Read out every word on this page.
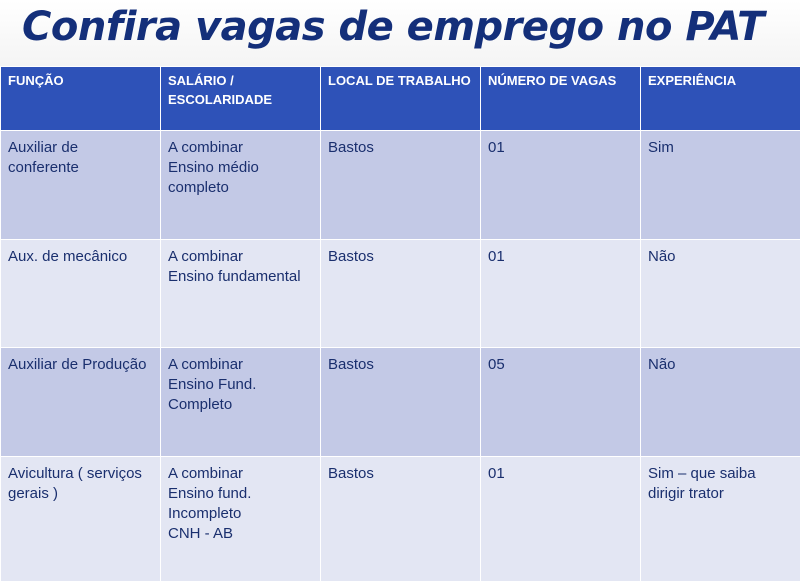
Confira vagas de emprego no PAT
FUNÇÃO	SALÁRIO /
ESCOLARIDADE	LOCAL DE TRABALHO	NÚMERO DE VAGAS	EXPERIÊNCIA
Auxiliar de conferente	A combinar
Ensino médio
completo	Bastos	01	Sim
Aux. de mecânico	A combinar
Ensino fundamental	Bastos	01	Não
Auxiliar de Produção	A combinar
Ensino Fund.
Completo	Bastos	05	Não
Avicultura ( serviços gerais )	A combinar
Ensino fund.
Incompleto
CNH - AB	Bastos	01	Sim – que saiba dirigir trator
